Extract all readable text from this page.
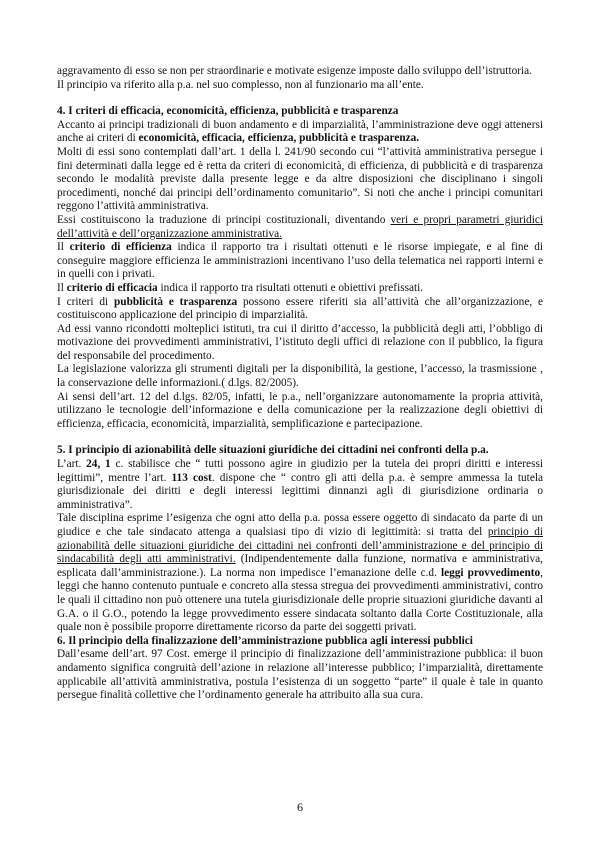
aggravamento di esso se non per straordinarie e motivate esigenze imposte dallo sviluppo dell’istruttoria.

Il principio va riferito alla p.a. nel suo complesso, non al funzionario ma all’ente.

4. I criteri di efficacia, economicità, efficienza, pubblicità e trasparenza

Accanto ai principi tradizionali di buon andamento e di imparzialità, l’amministrazione deve oggi attenersi anche ai criteri di economicità, efficacia, efficienza, pubblicità e trasparenza.

Molti di essi sono contemplati dall’art. 1 della l. 241/90 secondo cui “l’attività amministrativa persegue i fini determinati dalla legge ed è retta da criteri di economicità, di efficienza, di pubblicità e di trasparenza secondo le modalità previste dalla presente legge e da altre disposizioni che disciplinano i singoli procedimenti, nonché dai principi dell’ordinamento comunitario”. Si noti che anche i principi comunitari reggono l’attività amministrativa.

Essi costituiscono la traduzione di principi costituzionali, diventando veri e propri parametri giuridici dell’attività e dell’organizzazione amministrativa.

Il criterio di efficienza indica il rapporto tra i risultati ottenuti e le risorse impiegate, e al fine di conseguire maggiore efficienza le amministrazioni incentivano l’uso della telematica nei rapporti interni e in quelli con i privati.

Il criterio di efficacia indica il rapporto tra risultati ottenuti e obiettivi prefissati.

I criteri di pubblicità e trasparenza possono essere riferiti sia all’attività che all’organizzazione, e costituiscono applicazione del principio di imparzialità.

Ad essi vanno ricondotti molteplici istituti, tra cui il diritto d’accesso, la pubblicità degli atti, l’obbligo di motivazione dei provvedimenti amministrativi, l’istituto degli uffici di relazione con il pubblico, la figura del responsabile del procedimento.

La legislazione valorizza gli strumenti digitali per la disponibilità, la gestione, l’accesso, la trasmissione , la conservazione delle informazioni.( d.lgs. 82/2005).

Ai sensi dell’art. 12 del d.lgs. 82/05, infatti, le p.a., nell’organizzare autonomamente la propria attività, utilizzano le tecnologie dell’informazione e della comunicazione per la realizzazione degli obiettivi di efficienza, efficacia, economicità, imparzialità, semplificazione e partecipazione.

5. I principio di azionabilità delle situazioni giuridiche dei cittadini nei confronti della p.a.

L’art. 24, 1 c. stabilisce che “ tutti possono agire in giudizio per la tutela dei propri diritti e interessi legittimi”, mentre l’art. 113 cost. dispone che “ contro gli atti della p.a. è sempre ammessa la tutela giurisdizionale dei diritti e degli interessi legittimi dinnanzi agli di giurisdizione ordinaria o amministrativa”.

Tale disciplina esprime l’esigenza che ogni atto della p.a. possa essere oggetto di sindacato da parte di un giudice e che tale sindacato attenga a qualsiasi tipo di vizio di legittimità: si tratta del principio di azionabilità delle situazioni giuridiche dei cittadini nei confronti dell’amministrazione e del principio di sindacabilità degli atti amministrativi. (Indipendentemente dalla funzione, normativa e amministrativa, esplicata dall’amministrazione.). La norma non impedisce l’emanazione delle c.d. leggi provvedimento, leggi che hanno contenuto puntuale e concreto alla stessa stregua dei provvedimenti amministrativi, contro le quali il cittadino non può ottenere una tutela giurisdizionale delle proprie situazioni giuridiche davanti al G.A. o il G.O., potendo la legge provvedimento essere sindacata soltanto dalla Corte Costituzionale, alla quale non è possibile proporre direttamente ricorso da parte dei soggetti privati.

6. Il principio della finalizzazione dell’amministrazione pubblica agli interessi pubblici

Dall’esame dell’art. 97 Cost. emerge il principio di finalizzazione dell’amministrazione pubblica: il buon andamento significa congruità dell’azione in relazione all’interesse pubblico; l’imparzialità, direttamente applicabile all’attività amministrativa, postula l’esistenza di un soggetto “parte” il quale è tale in quanto persegue finalità collettive che l’ordinamento generale ha attribuito alla sua cura.

6
